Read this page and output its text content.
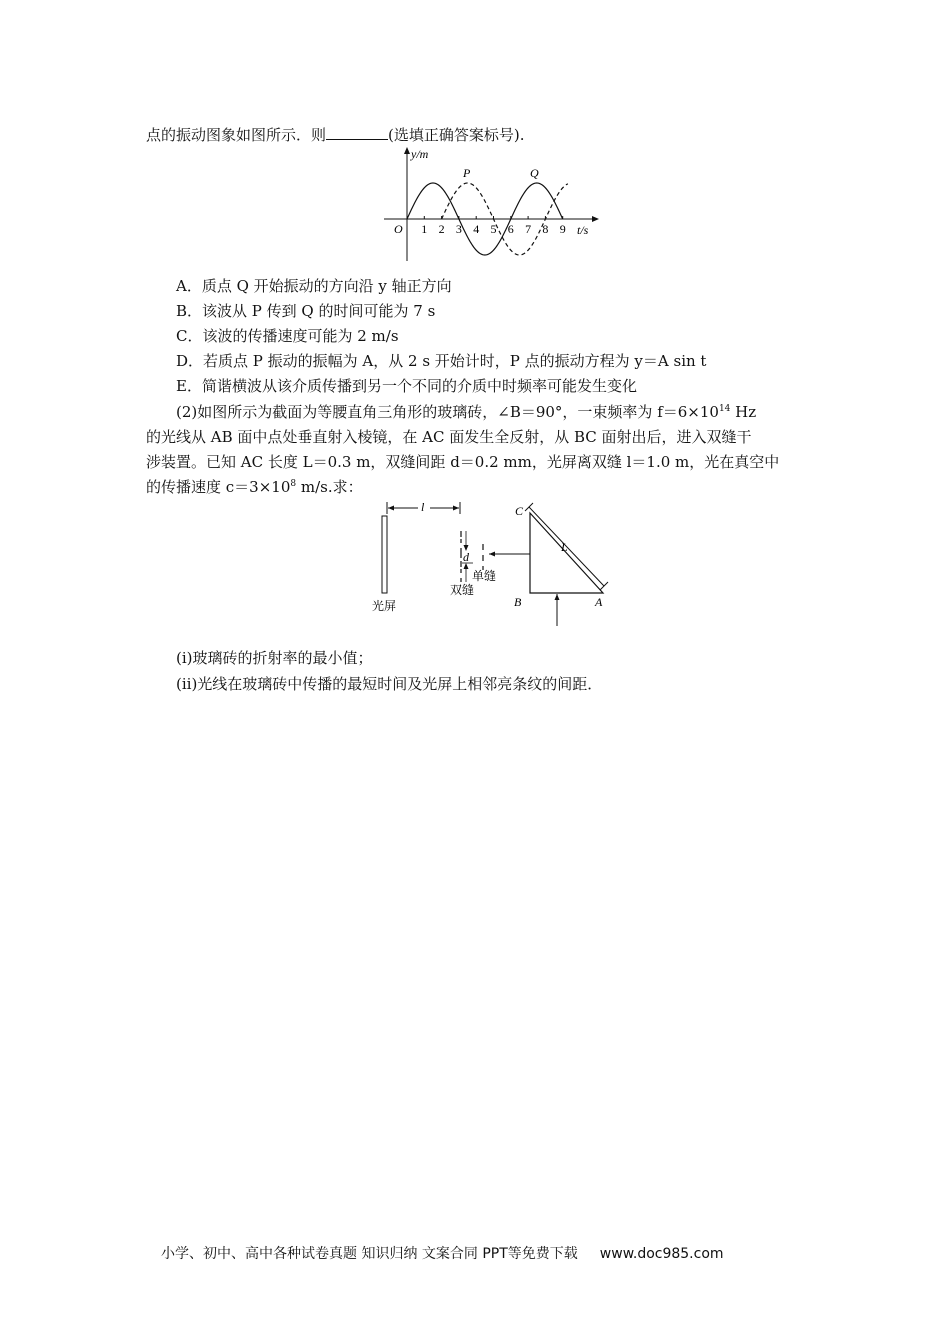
点的振动图象如图所示．则	(选填正确答案标号).
y/m
t/s
O
P	Q
1 2 3 4 5 6 7 8 9
A．质点 Q 开始振动的方向沿 y 轴正方向
B．该波从 P 传到 Q 的时间可能为 7 s
C．该波的传播速度可能为 2 m/s
D．若质点 P 振动的振幅为 A，从 2 s 开始计时，P 点的振动方程为 y＝A sin t
E．简谐横波从该介质传播到另一个不同的介质中时频率可能发生变化
(2)如图所示为截面为等腰直角三角形的玻璃砖，∠B＝90°，一束频率为 $f=6\times 10^{14}$ Hz
的光线从 AB 面中点处垂直射入棱镜，在 AC 面发生全反射，从 BC 面射出后，进入双缝干
涉装置。已知 AC 长度 L＝0.3 m，双缝间距 d＝0.2 mm，光屏离双缝 l＝1.0 m，光在真空中
的传播速度 $c=3\times 10^8$ m/s.求：
l
光屏
d
双缝
单缝
C
B	A
L
(ⅰ)玻璃砖的折射率的最小值；
(ⅱ)光线在玻璃砖中传播的最短时间及光屏上相邻亮条纹的间距．
小学、初中、高中各种试卷真题 知识归纳 文案合同 PPT等免费下载 www.doc985.com
